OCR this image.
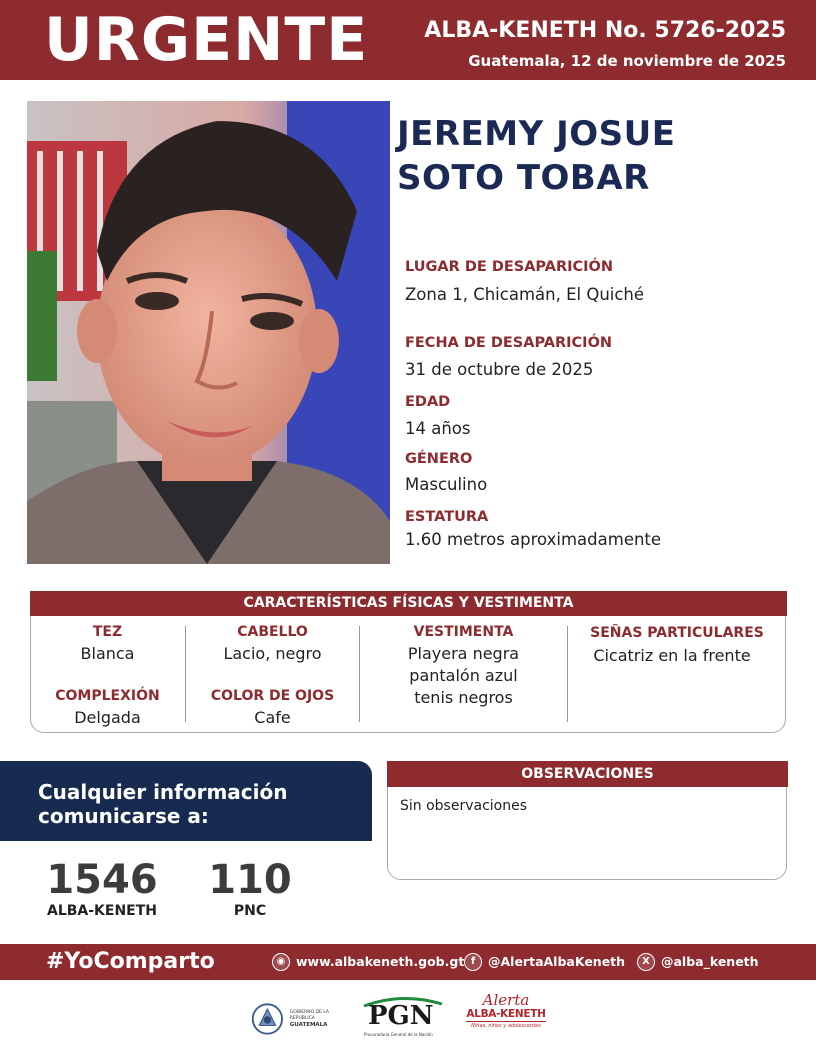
URGENTE	ALBA-KENETH No. 5726-2025
Guatemala, 12 de noviembre de 2025
JEREMY JOSUE
SOTO TOBAR
LUGAR DE DESAPARICIÓN
Zona 1, Chicamán, El Quiché
FECHA DE DESAPARICIÓN
31 de octubre de 2025
EDAD
14 años
GÉNERO
Masculino
ESTATURA
1.60 metros aproximadamente
CARACTERÍSTICAS FÍSICAS Y VESTIMENTA
TEZ
Blanca
COMPLEXIÓN
Delgada
CABELLO
Lacio, negro
COLOR DE OJOS
Cafe
VESTIMENTA
Playera negra
pantalón azul
tenis negros
SEÑAS PARTICULARES
Cicatriz en la frente
Cualquier información
comunicarse a:
1546
ALBA-KENETH
110
PNC
OBSERVACIONES
Sin observaciones
#YoComparto	◉ www.albakeneth.gob.gt f	@AlertaAlbaKeneth	X @alba_keneth
GOBIERNO DE LA REPÚBLICA
GUATEMALA	PGN
Procuraduría General de la Nación
Alerta
ALBA-KENETH
Niñas, niños y adolescentes
